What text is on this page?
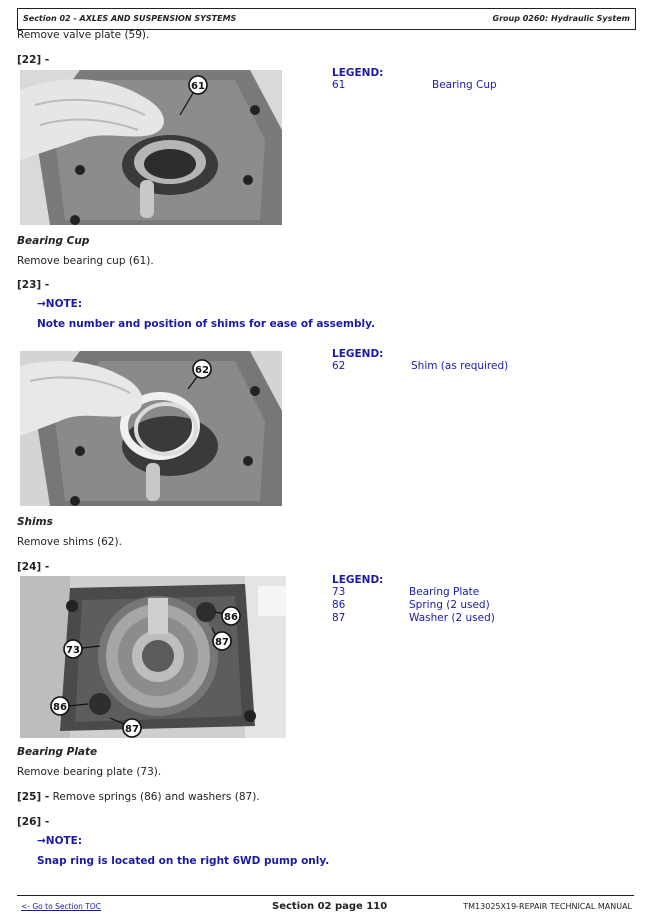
Section 02 - AXLES AND SUSPENSION SYSTEMS	Group 0260: Hydraulic System
Remove valve plate (59).
[22] -
61
LEGEND:
61	Bearing Cup
Bearing Cup
Remove bearing cup (61).
[23] -
→NOTE:
Note number and position of shims for ease of assembly.
62
LEGEND:
62	Shim (as required)
Shims
Remove shims (62).
[24] -
86
87
73
86
87
LEGEND:
73	Bearing Plate
86	Spring (2 used)
87	Washer (2 used)
Bearing Plate
Remove bearing plate (73).
[25] - Remove springs (86) and washers (87).
[26] -
→NOTE:
Snap ring is located on the right 6WD pump only.
<- Go to Section TOC	Section 02 page 110	TM13025X19-REPAIR TECHNICAL MANUAL
